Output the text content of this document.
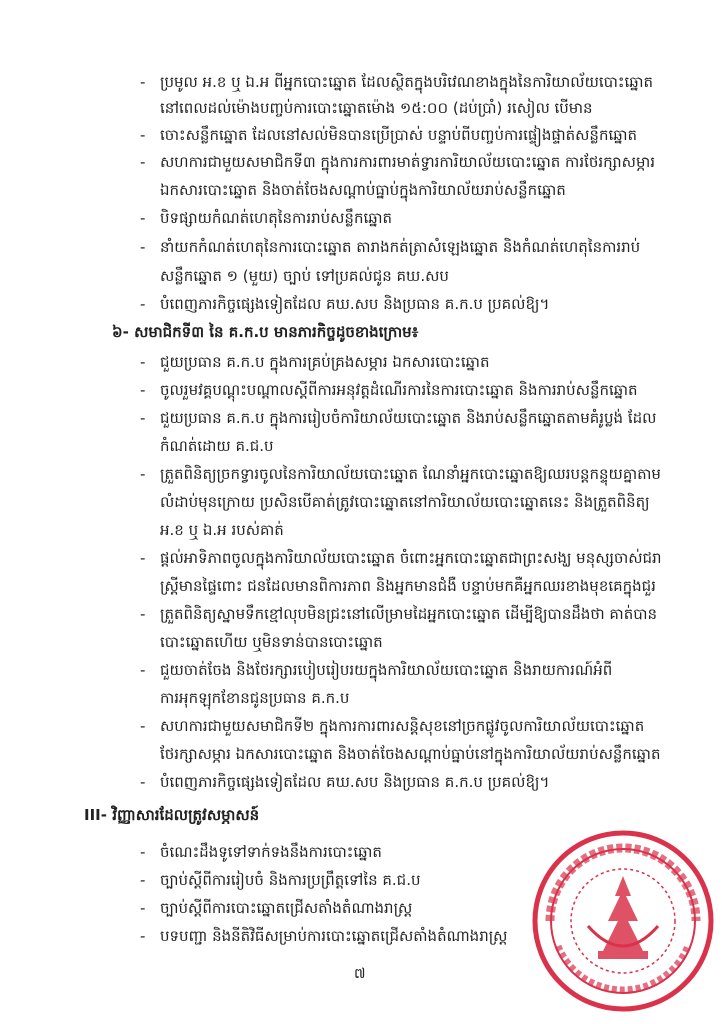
- ប្រមូល អ.ខ ឬ ឯ.អ ពីអ្នកបោះឆ្នោត ដែលស្ថិតក្នុងបរិវេណខាងក្នុងនៃការិយាល័យបោះឆ្នោត
នៅពេលដល់ម៉ោងបញ្ចប់ការបោះឆ្នោតម៉ោង ១៥:០០ (ដប់ប្រាំ) រសៀល បើមាន
- ចោះសន្លឹកឆ្នោត ដែលនៅសល់មិនបានប្រើប្រាស់ បន្ទាប់ពីបញ្ចប់ការផ្ទៀងផ្ទាត់សន្លឹកឆ្នោត
- សហការជាមួយសមាជិកទី៣ ក្នុងការការពារមាត់ទ្វារការិយាល័យបោះឆ្នោត ការថែរក្សាសម្ភារ
ឯកសារបោះឆ្នោត និងចាត់ចែងសណ្តាប់ធ្នាប់ក្នុងការិយាល័យរាប់សន្លឹកឆ្នោត
- បិទផ្សាយកំណត់ហេតុនៃការរាប់សន្លឹកឆ្នោត
- នាំយកកំណត់ហេតុនៃការបោះឆ្នោត តារាងកត់ត្រាសំឡេងឆ្នោត និងកំណត់ហេតុនៃការរាប់
សន្លឹកឆ្នោត ១ (មួយ) ច្បាប់ ទៅប្រគល់ជូន គឃ.សប
- បំពេញភារកិច្ចផ្សេងទៀតដែល គឃ.សប និងប្រធាន គ.ក.ប ប្រគល់ឱ្យ។
៦- សមាជិកទី៣ នៃ គ.ក.ប មានភារកិច្ចដូចខាងក្រោម៖
- ជួយប្រធាន គ.ក.ប ក្នុងការគ្រប់គ្រងសម្ភារ ឯកសារបោះឆ្នោត
- ចូលរួមវគ្គបណ្តុះបណ្តាលស្តីពីការអនុវត្តដំណើរការនៃការបោះឆ្នោត និងការរាប់សន្លឹកឆ្នោត
- ជួយប្រធាន គ.ក.ប ក្នុងការរៀបចំការិយាល័យបោះឆ្នោត និងរាប់សន្លឹកឆ្នោតតាមគំរូប្លង់ ដែល
កំណត់ដោយ គ.ជ.ប
- ត្រួតពិនិត្យច្រកទ្វារចូលនៃការិយាល័យបោះឆ្នោត ណែនាំអ្នកបោះឆ្នោតឱ្យឈរបន្តកន្ទុយគ្នាតាម
លំដាប់មុនក្រោយ ប្រសិនបើគាត់ត្រូវបោះឆ្នោតនៅការិយាល័យបោះឆ្នោតនេះ និងត្រួតពិនិត្យ
អ.ខ ឬ ឯ.អ របស់គាត់
- ផ្តល់អាទិភាពចូលក្នុងការិយាល័យបោះឆ្នោត ចំពោះអ្នកបោះឆ្នោតជាព្រះសង្ឃ មនុស្សចាស់ជរា
ស្ត្រីមានផ្ទៃពោះ ជនដែលមានពិការភាព និងអ្នកមានជំងឺ បន្ទាប់មកគឺអ្នកឈរខាងមុខគេក្នុងជួរ
- ត្រួតពិនិត្យស្នាមទឹកខ្មៅលុបមិនជ្រះនៅលើម្រាមដៃអ្នកបោះឆ្នោត ដើម្បីឱ្យបានដឹងថា គាត់បាន
បោះឆ្នោតហើយ ឬមិនទាន់បានបោះឆ្នោត
- ជួយចាត់ចែង និងថែរក្សារបៀបរៀបរយក្នុងការិយាល័យបោះឆ្នោត និងរាយការណ៍អំពី
ការអុកឡុកខែានជូនប្រធាន គ.ក.ប
- សហការជាមួយសមាជិកទី២ ក្នុងការការពារសន្តិសុខនៅច្រកផ្លូវចូលការិយាល័យបោះឆ្នោត
ថែរក្សាសម្ភារ ឯកសារបោះឆ្នោត និងចាត់ចែងសណ្តាប់ធ្នាប់នៅក្នុងការិយាល័យរាប់សន្លឹកឆ្នោត
- បំពេញភារកិច្ចផ្សេងទៀតដែល គឃ.សប និងប្រធាន គ.ក.ប ប្រគល់ឱ្យ។
III- វិញ្ញាសារដែលត្រូវសម្ភាសន៍
- ចំណេះដឹងទូទៅទាក់ទងនឹងការបោះឆ្នោត
- ច្បាប់ស្តីពីការរៀបចំ និងការប្រព្រឹត្តទៅនៃ គ.ជ.ប
- ច្បាប់ស្តីពីការបោះឆ្នោតជ្រើសតាំងតំណាងរាស្ត្រ
- បទបញ្ជា និងនីតិវិធីសម្រាប់ការបោះឆ្នោតជ្រើសតាំងតំណាងរាស្ត្រ
៧
